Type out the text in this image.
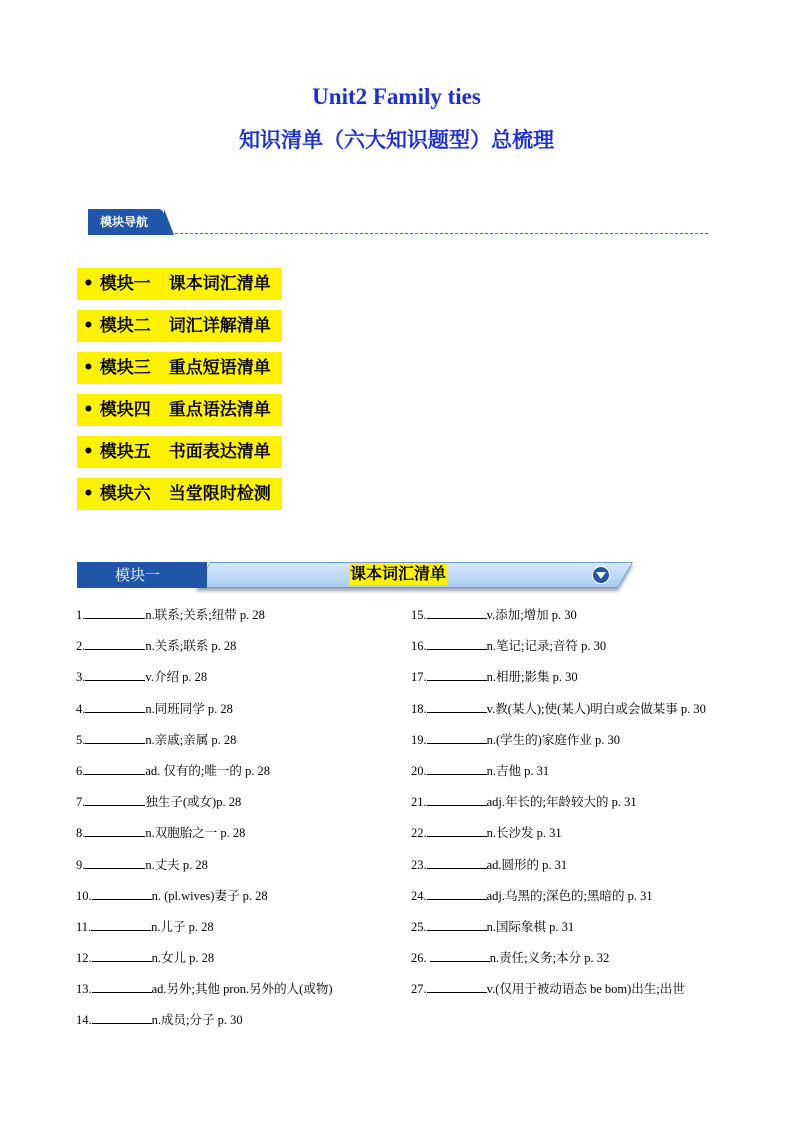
Unit2 Family ties
知识清单（六大知识题型）总梳理
模块导航
• 模块一 课本词汇清单
• 模块二 词汇详解清单
• 模块三 重点短语清单
• 模块四 重点语法清单
• 模块五 书面表达清单
• 模块六 当堂限时检测
模块一	课本词汇清单
1.	n.联系;关系;纽带 p. 28
2.	n.关系;联系 p. 28
3.	v.介绍 p. 28
4.	n.同班同学 p. 28
5.	n.亲戚;亲属 p. 28
6.	ad. 仅有的;唯一的 p. 28
7.	独生子(或女)p. 28
8.	n.双胞胎之一 p. 28
9.	n.丈夫 p. 28
10.	n. (pl.wives)妻子 p. 28
11.	n.儿子 p. 28
12.	n.女儿 p. 28
13.	ad.另外;其他 pron.另外的人(或物)
14.	n.成员;分子 p. 30
15.	v.添加;增加 p. 30
16.	n.笔记;记录;音符 p. 30
17.	n.相册;影集 p. 30
18.	v.教(某人);使(某人)明白或会做某事 p. 30
19.	n.(学生的)家庭作业 p. 30
20.	n.吉他 p. 31
21.	adj.年长的;年龄较大的 p. 31
22.	n.长沙发 p. 31
23.	ad.圆形的 p. 31
24.	adj.乌黑的;深色的;黑暗的 p. 31
25.	n.国际象棋 p. 31
26.	n.责任;义务;本分 p. 32
27.	v.(仅用于被动语态 be bom)出生;出世
